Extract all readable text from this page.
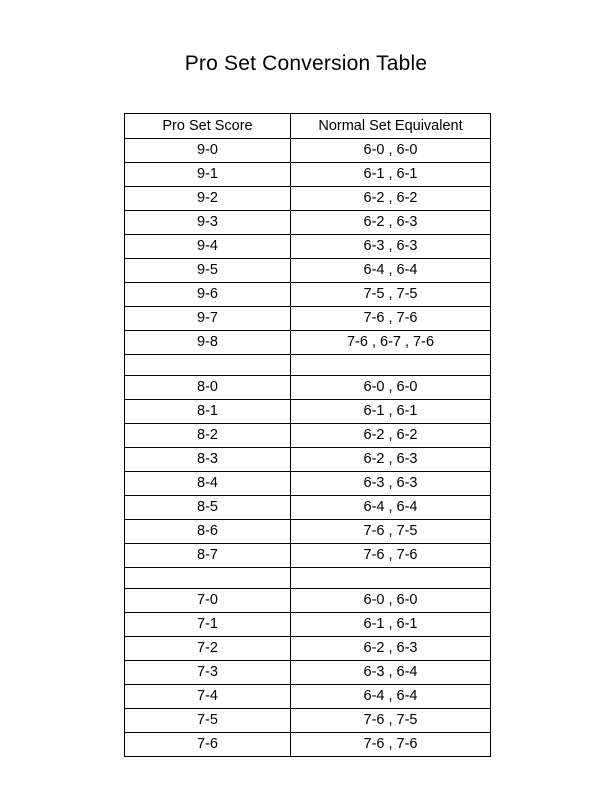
Pro Set Conversion Table
Pro Set Score	Normal Set Equivalent
9-0	6-0 , 6-0
9-1	6-1 , 6-1
9-2	6-2 , 6-2
9-3	6-2 , 6-3
9-4	6-3 , 6-3
9-5	6-4 , 6-4
9-6	7-5 , 7-5
9-7	7-6 , 7-6
9-8	7-6 , 6-7 , 7-6

8-0	6-0 , 6-0
8-1	6-1 , 6-1
8-2	6-2 , 6-2
8-3	6-2 , 6-3
8-4	6-3 , 6-3
8-5	6-4 , 6-4
8-6	7-6 , 7-5
8-7	7-6 , 7-6

7-0	6-0 , 6-0
7-1	6-1 , 6-1
7-2	6-2 , 6-3
7-3	6-3 , 6-4
7-4	6-4 , 6-4
7-5	7-6 , 7-5
7-6	7-6 , 7-6
